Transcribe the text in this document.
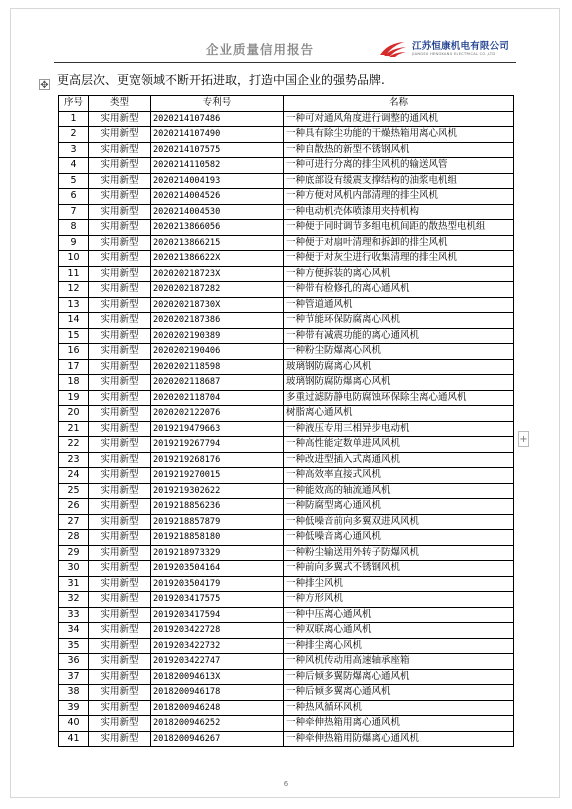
企业质量信用报告	江苏恒康机电有限公司
JIANGSU HENGKANG ELECTRICAL CO.,LTD
✥ 更高层次、更宽领域不断开拓进取，打造中国企业的强势品牌.
+
序号	类型	专利号	名称
1	实用新型	2020214107486	一种可对通风角度进行调整的通风机
2	实用新型	2020214107490	一种具有除尘功能的干燥热箱用离心风机
3	实用新型	2020214107575	一种自散热的新型不锈钢风机
4	实用新型	2020214110582	一种可进行分离的排尘风机的输送风管
5	实用新型	2020214004193	一种底部设有缓震支撑结构的油浆电机组
6	实用新型	2020214004526	一种方便对风机内部清理的排尘风机
7	实用新型	2020214004530	一种电动机壳体喷漆用夹持机构
8	实用新型	2020213866056	一种便于同时调节多组电机间距的散热型电机组
9	实用新型	2020213866215	一种便于对扇叶清理和拆卸的排尘风机
10	实用新型	202021386622X	一种便于对灰尘进行收集清理的排尘风机
11	实用新型	202020218723X	一种方便拆装的离心风机
12	实用新型	2020202187282	一种带有检修孔的离心通风机
13	实用新型	202020218730X	一种管道通风机
14	实用新型	2020202187386	一种节能环保防腐离心风机
15	实用新型	2020202190389	一种带有减震功能的离心通风机
16	实用新型	2020202190406	一种粉尘防爆离心风机
17	实用新型	2020202118598	玻璃钢防腐离心风机
18	实用新型	2020202118687	玻璃钢防腐防爆离心风机
19	实用新型	2020202118704	多重过滤防静电防腐蚀环保除尘离心通风机
20	实用新型	2020202122076	树脂离心通风机
21	实用新型	2019219479663	一种液压专用三相异步电动机
22	实用新型	2019219267794	一种高性能定数单进风风机
23	实用新型	2019219268176	一种改进型插入式离通风机
24	实用新型	2019219270015	一种高效率直接式风机
25	实用新型	2019219302622	一种能效高的轴流通风机
26	实用新型	2019218856236	一种防腐型离心通风机
27	实用新型	2019218857879	一种低噪音前向多翼双进风风机
28	实用新型	2019218858180	一种低噪音离心通风机
29	实用新型	2019218973329	一种粉尘输送用外转子防爆风机
30	实用新型	2019203504164	一种前向多翼式不锈钢风机
31	实用新型	2019203504179	一种排尘风机
32	实用新型	2019203417575	一种方形风机
33	实用新型	2019203417594	一种中压离心通风机
34	实用新型	2019203422728	一种双联离心通风机
35	实用新型	2019203422732	一种排尘离心风机
36	实用新型	2019203422747	一种风机传动用高速轴承座箱
37	实用新型	201820094613X	一种后倾多翼防爆离心通风机
38	实用新型	2018200946178	一种后倾多翼离心通风机
39	实用新型	2018200946248	一种热风循环风机
40	实用新型	2018200946252	一种牵伸热箱用离心通风机
41	实用新型	2018200946267	一种牵伸热箱用防爆离心通风机
6
